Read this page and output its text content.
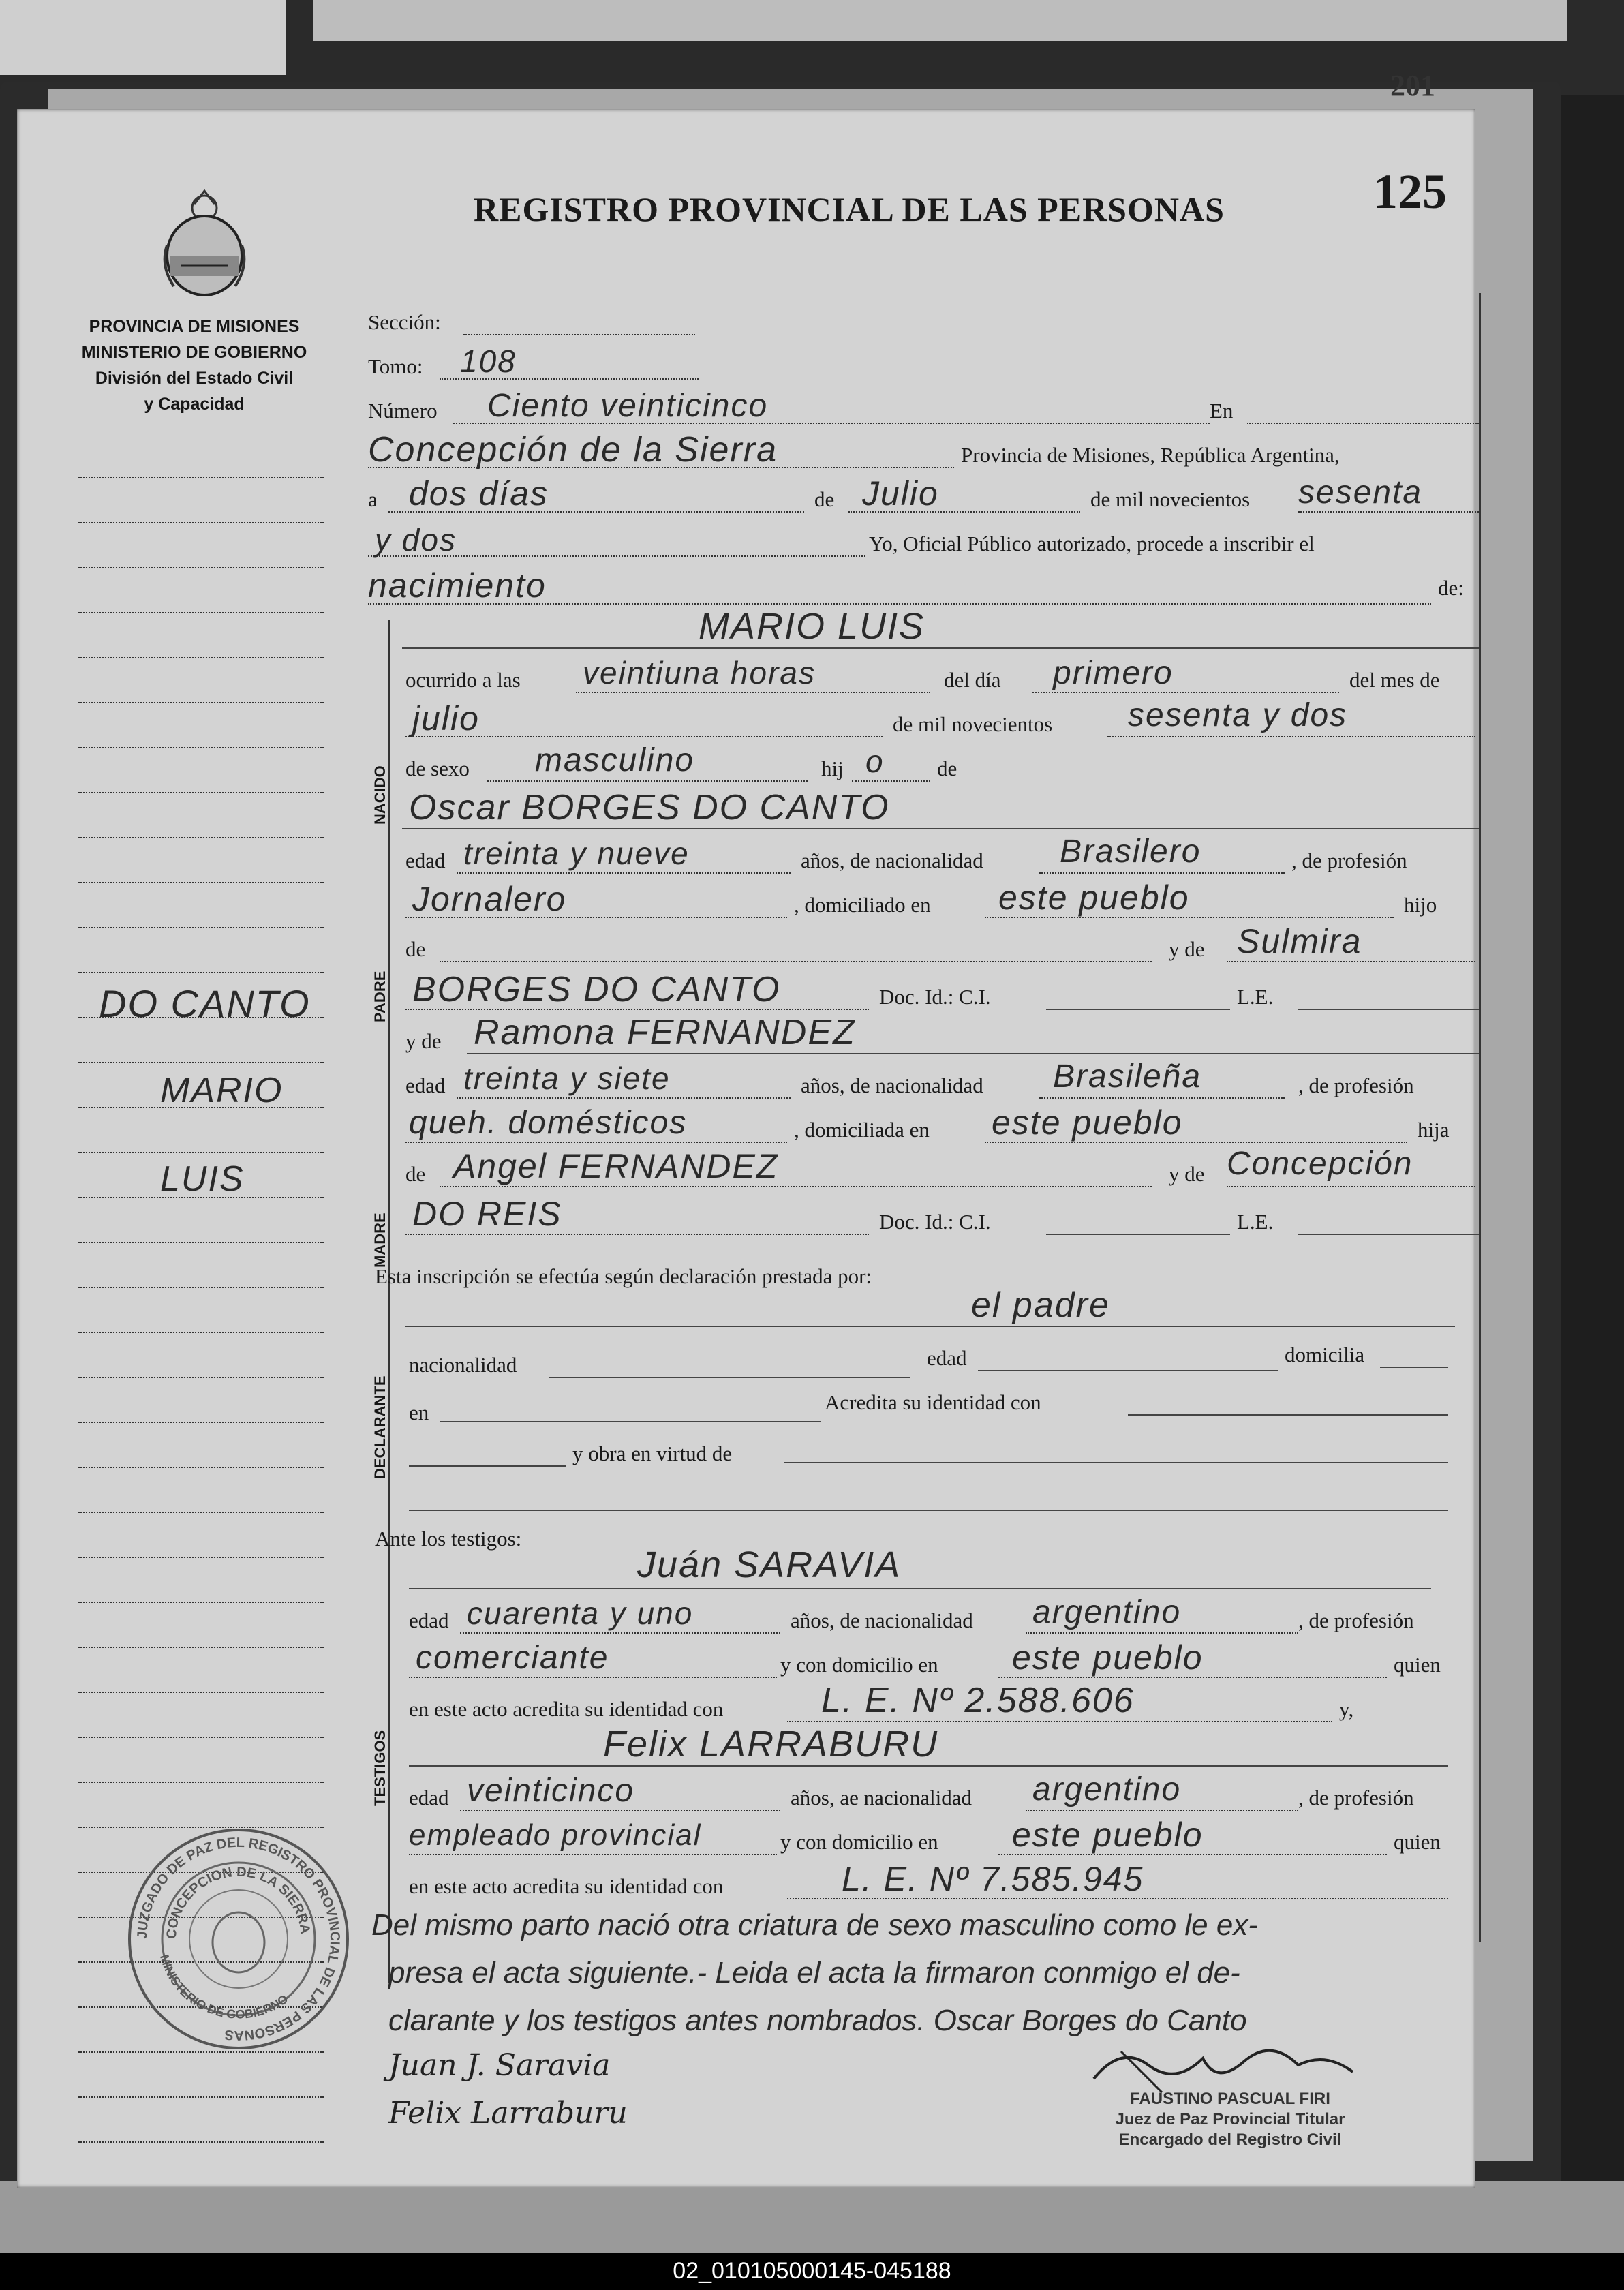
201
REGISTRO PROVINCIAL DE LAS PERSONAS	125
PROVINCIA DE MISIONES
MINISTERIO DE GOBIERNO
División del Estado Civil
y Capacidad
DO CANTO
MARIO
LUIS
Sección:
Tomo: 108
Número Ciento veinticinco	En
Concepción de la Sierra	Provincia de Misiones, República Argentina,
a dos días	de Julio	de mil novecientos sesenta
y dos	Yo, Oficial Público autorizado, procede a inscribir el
nacimiento	de:
NACIDO
MARIO LUIS
ocurrido a las veintiuna horas	del día primero	del mes de
julio	de mil novecientos sesenta y dos
de sexo masculino	hij o de
PADRE
Oscar BORGES DO CANTO
edad treinta y nueve	años, de nacionalidad Brasilero	, de profesión
Jornalero	, domiciliado en este pueblo	hijo
de	y de Sulmira
BORGES DO CANTO	Doc. Id.: C.I.	L.E.
MADRE
y de Ramona FERNANDEZ
edad treinta y siete	años, de nacionalidad Brasileña	, de profesión
queh. domésticos	, domiciliada en este pueblo	hija
de Angel FERNANDEZ	y de Concepción
DO REIS	Doc. Id.: C.I.	L.E.
Esta inscripción se efectúa según declaración prestada por:
DECLARANTE
el padre
nacionalidad	edad	domicilia
en	Acredita su identidad con
y obra en virtud de
Ante los testigos:
TESTIGOS
Juán SARAVIA
edad cuarenta y uno	años, de nacionalidad argentino	, de profesión
comerciante	y con domicilio en este pueblo	quien
en este acto acredita su identidad con	L. E. Nº 2.588.606	y,
Felix LARRABURU
edad veinticinco	años, ae nacionalidad argentino	, de profesión
empleado provincial	y con domicilio en este pueblo	quien
en este acto acredita su identidad con	L. E. Nº 7.585.945
Del mismo parto nació otra criatura de sexo masculino como le ex-
presa el acta siguiente.- Leida el acta la firmaron conmigo el de-
clarante y los testigos antes nombrados. Oscar Borges do Canto
Juan J. Saravia
Felix Larraburu	FAUSTINO PASCUAL FIRI
Juez de Paz Provincial Titular
Encargado del Registro Civil
JUZGADO DE PAZ DEL REGISTRO PROVINCIAL DE LAS PERSONAS
CONCEPCION DE LA SIERRA
MINISTERIO DE GOBIERNO
02_010105000145-045188
